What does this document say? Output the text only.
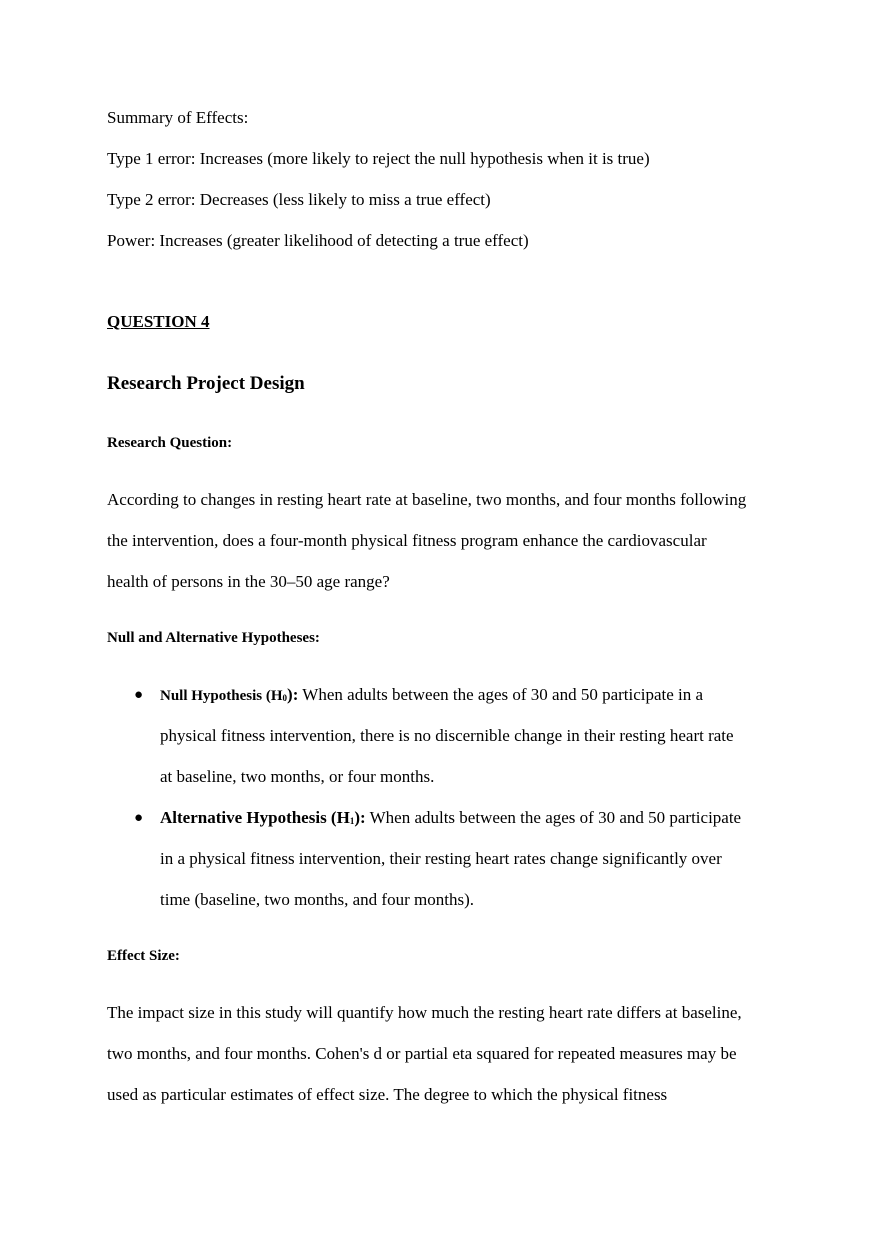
Summary of Effects:
Type 1 error: Increases (more likely to reject the null hypothesis when it is true)
Type 2 error: Decreases (less likely to miss a true effect)
Power: Increases (greater likelihood of detecting a true effect)
QUESTION 4
Research Project Design
Research Question:
According to changes in resting heart rate at baseline, two months, and four months following
the intervention, does a four-month physical fitness program enhance the cardiovascular
health of persons in the 30–50 age range?
Null and Alternative Hypotheses:
● Null Hypothesis $(H_0)$: When adults between the ages of 30 and 50 participate in a
physical fitness intervention, there is no discernible change in their resting heart rate
at baseline, two months, or four months.
● Alternative Hypothesis $(H_1)$: When adults between the ages of 30 and 50 participate
in a physical fitness intervention, their resting heart rates change significantly over
time (baseline, two months, and four months).
Effect Size:
The impact size in this study will quantify how much the resting heart rate differs at baseline,
two months, and four months. Cohen's d or partial eta squared for repeated measures may be
used as particular estimates of effect size. The degree to which the physical fitness
